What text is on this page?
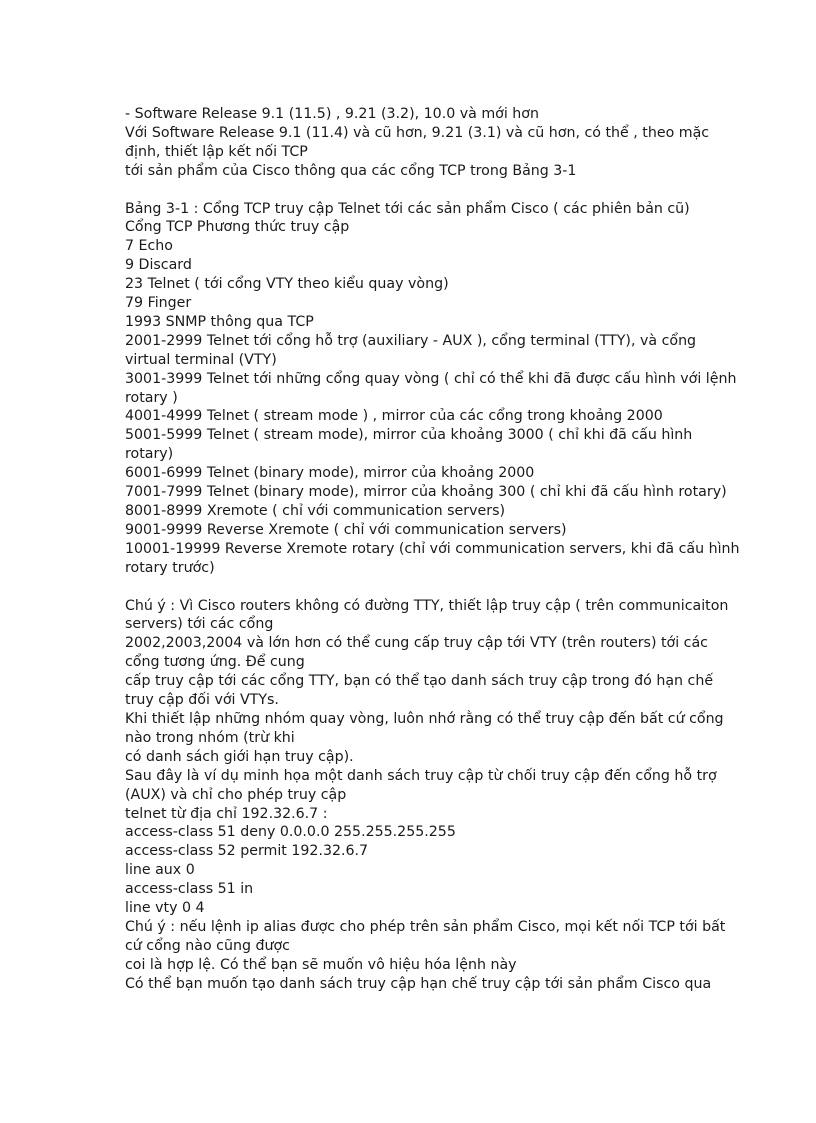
- Software Release 9.1 (11.5) , 9.21 (3.2), 10.0 và mới hơn
Với Software Release 9.1 (11.4) và cũ hơn, 9.21 (3.1) và cũ hơn, có thể , theo mặc định, thiết lập kết nối TCP
tới sản phẩm của Cisco thông qua các cổng TCP trong Bảng 3-1
Bảng 3-1 : Cổng TCP truy cập Telnet tới các sản phẩm Cisco ( các phiên bản cũ)
Cổng TCP Phương thức truy cập
7 Echo
9 Discard
23 Telnet ( tới cổng VTY theo kiểu quay vòng)
79 Finger
1993 SNMP thông qua TCP
2001-2999 Telnet tới cổng hỗ trợ (auxiliary - AUX ), cổng terminal (TTY), và cổng virtual terminal (VTY)
3001-3999 Telnet tới những cổng quay vòng ( chỉ có thể khi đã được cấu hình với lệnh rotary )
4001-4999 Telnet ( stream mode ) , mirror của các cổng trong khoảng 2000
5001-5999 Telnet ( stream mode), mirror của khoảng 3000 ( chỉ khi đã cấu hình rotary)
6001-6999 Telnet (binary mode), mirror của khoảng 2000
7001-7999 Telnet (binary mode), mirror của khoảng 300 ( chỉ khi đã cấu hình rotary)
8001-8999 Xremote ( chỉ với communication servers)
9001-9999 Reverse Xremote ( chỉ với communication servers)
10001-19999 Reverse Xremote rotary (chỉ với communication servers, khi đã cấu hình rotary trước)
Chú ý : Vì Cisco routers không có đường TTY, thiết lập truy cập ( trên communicaiton servers) tới các cổng
2002,2003,2004 và lớn hơn có thể cung cấp truy cập tới VTY (trên routers) tới các cổng tương ứng. Để cung
cấp truy cập tới các cổng TTY, bạn có thể tạo danh sách truy cập trong đó hạn chế truy cập đối với VTYs.
Khi thiết lập những nhóm quay vòng, luôn nhớ rằng có thể truy cập đến bất cứ cổng nào trong nhóm (trừ khi
có danh sách giới hạn truy cập).
Sau đây là ví dụ minh họa một danh sách truy cập từ chối truy cập đến cổng hỗ trợ (AUX) và chỉ cho phép truy cập
telnet từ địa chỉ 192.32.6.7 :
access-class 51 deny 0.0.0.0 255.255.255.255
access-class 52 permit 192.32.6.7
line aux 0
access-class 51 in
line vty 0 4
Chú ý : nếu lệnh ip alias được cho phép trên sản phẩm Cisco, mọi kết nối TCP tới bất cứ cổng nào cũng được
coi là hợp lệ. Có thể bạn sẽ muốn vô hiệu hóa lệnh này
Có thể bạn muốn tạo danh sách truy cập hạn chế truy cập tới sản phẩm Cisco qua
